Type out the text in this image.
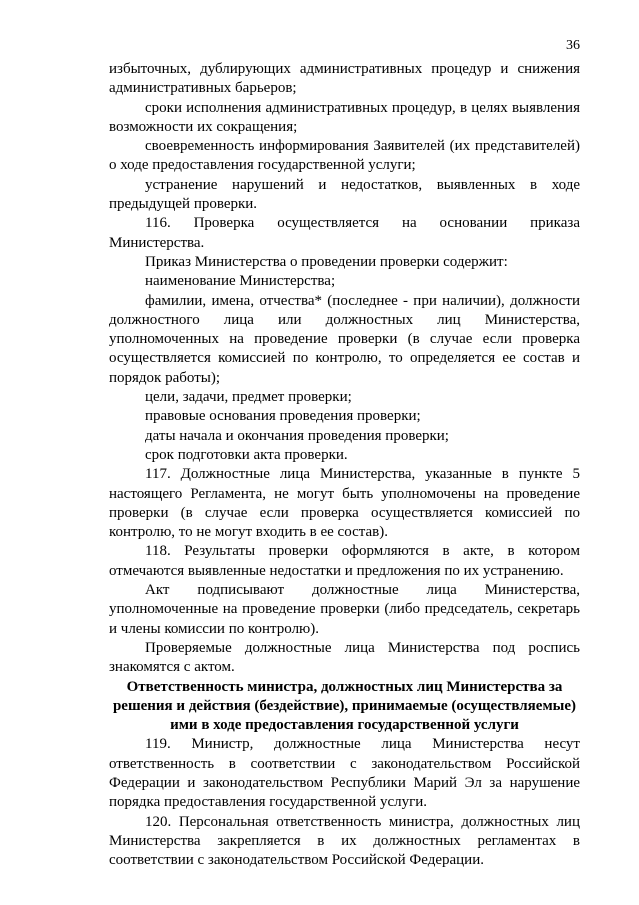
36

избыточных, дублирующих административных процедур и снижения административных барьеров;

сроки исполнения административных процедур, в целях выявления возможности их сокращения;

своевременность информирования Заявителей (их представителей) о ходе предоставления государственной услуги;

устранение нарушений и недостатков, выявленных в ходе предыдущей проверки.

116. Проверка осуществляется на основании приказа Министерства.

Приказ Министерства о проведении проверки содержит:

наименование Министерства;

фамилии, имена, отчества* (последнее - при наличии), должности должностного лица или должностных лиц Министерства, уполномоченных на проведение проверки (в случае если проверка осуществляется комиссией по контролю, то определяется ее состав и порядок работы);

цели, задачи, предмет проверки;

правовые основания проведения проверки;

даты начала и окончания проведения проверки;

срок подготовки акта проверки.

117. Должностные лица Министерства, указанные в пункте 5 настоящего Регламента, не могут быть уполномочены на проведение проверки (в случае если проверка осуществляется комиссией по контролю, то не могут входить в ее состав).

118. Результаты проверки оформляются в акте, в котором отмечаются выявленные недостатки и предложения по их устранению.

Акт подписывают должностные лица Министерства, уполномоченные на проведение проверки (либо председатель, секретарь и члены комиссии по контролю).

Проверяемые должностные лица Министерства под роспись знакомятся с актом.

Ответственность министра, должностных лиц Министерства за решения и действия (бездействие), принимаемые (осуществляемые) ими в ходе предоставления государственной услуги

119. Министр, должностные лица Министерства несут ответственность в соответствии с законодательством Российской Федерации и законодательством Республики Марий Эл за нарушение порядка предоставления государственной услуги.

120. Персональная ответственность министра, должностных лиц Министерства закрепляется в их должностных регламентах в соответствии с законодательством Российской Федерации.
